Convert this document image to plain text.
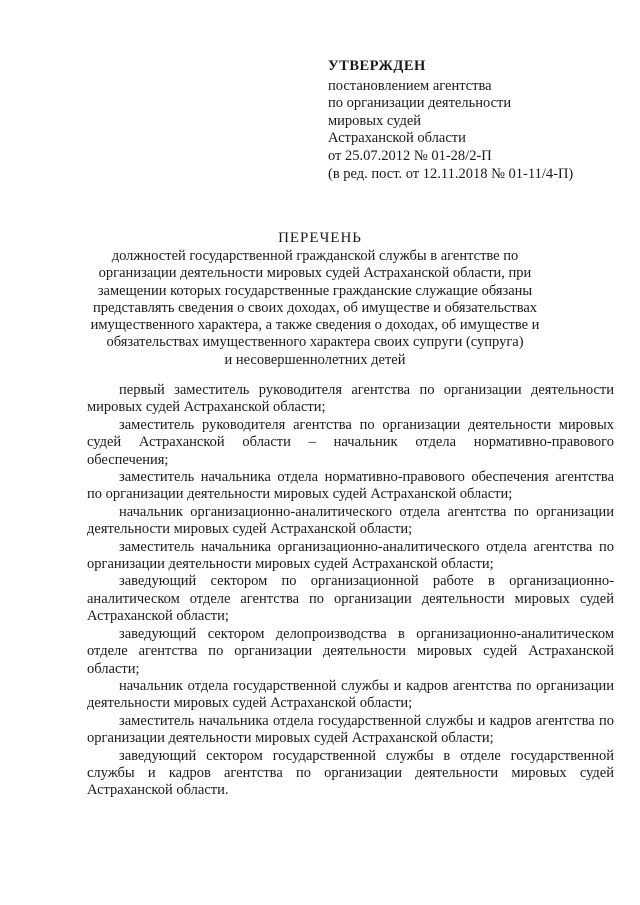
УТВЕРЖДЕН
постановлением агентства
по организации деятельности
мировых судей
Астраханской области
от 25.07.2012 № 01-28/2-П
(в ред. пост. от 12.11.2018 № 01-11/4-П)
ПЕРЕЧЕНЬ
должностей государственной гражданской службы в агентстве по
организации деятельности мировых судей Астраханской области, при
замещении которых государственные гражданские служащие обязаны
представлять сведения о своих доходах, об имуществе и обязательствах
имущественного характера, а также сведения о доходах, об имуществе и
обязательствах имущественного характера своих супруги (супруга)
и несовершеннолетних детей

первый заместитель руководителя агентства по организации деятельности мировых судей Астраханской области;

заместитель руководителя агентства по организации деятельности мировых судей Астраханской области – начальник отдела нормативно-правового обеспечения;

заместитель начальника отдела нормативно-правового обеспечения агентства по организации деятельности мировых судей Астраханской области;

начальник организационно-аналитического отдела агентства по организации деятельности мировых судей Астраханской области;

заместитель начальника организационно-аналитического отдела агентства по организации деятельности мировых судей Астраханской области;

заведующий сектором по организационной работе в организационно-аналитическом отделе агентства по организации деятельности мировых судей Астраханской области;

заведующий сектором делопроизводства в организационно-аналитическом отделе агентства по организации деятельности мировых судей Астраханской области;

начальник отдела государственной службы и кадров агентства по организации деятельности мировых судей Астраханской области;

заместитель начальника отдела государственной службы и кадров агентства по организации деятельности мировых судей Астраханской области;

заведующий сектором государственной службы в отделе государственной службы и кадров агентства по организации деятельности мировых судей Астраханской области.
